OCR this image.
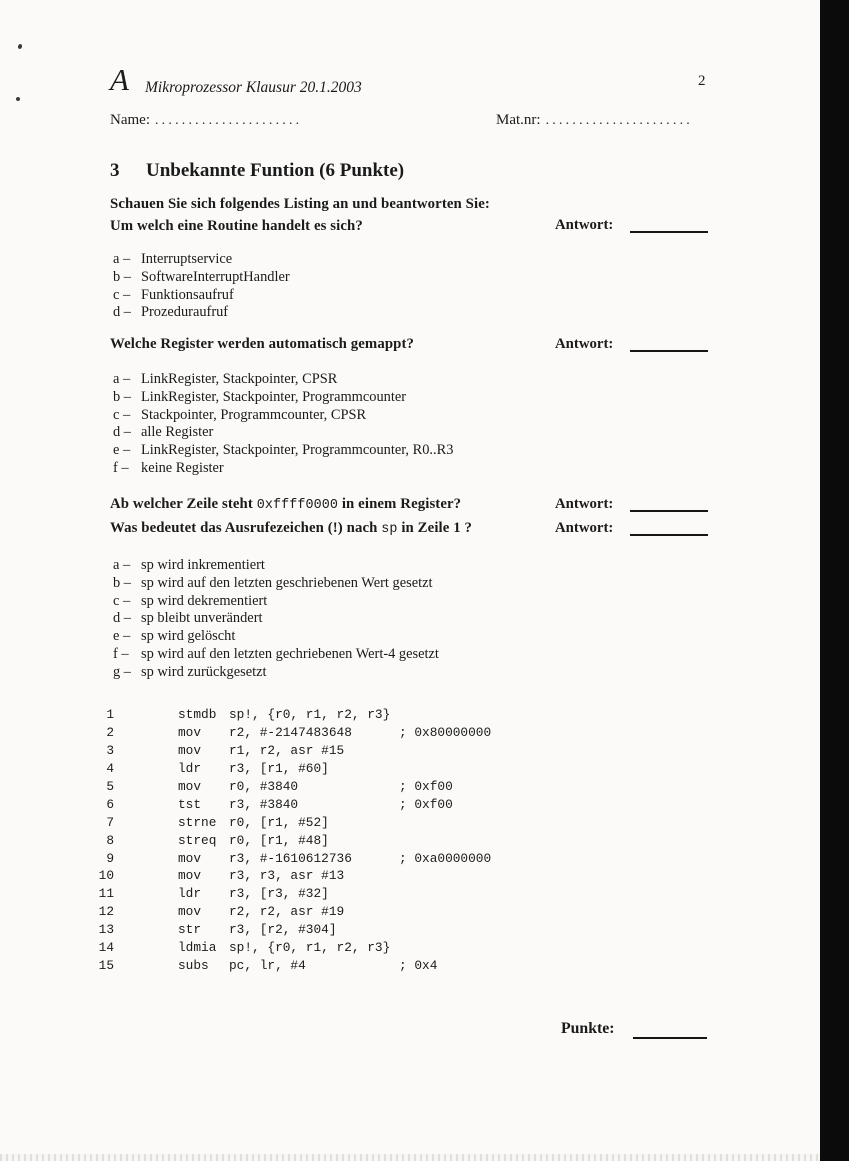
A Mikroprozessor Klausur 20.1.2003	2
Name: ......................	Mat.nr: ......................
3 Unbekannte Funtion (6 Punkte)
Schauen Sie sich folgendes Listing an und beantworten Sie:
Um welch eine Routine handelt es sich?	Antwort:
a – Interruptservice
b – SoftwareInterruptHandler
c – Funktionsaufruf
d – Prozeduraufruf
Welche Register werden automatisch gemappt?	Antwort:
a – LinkRegister, Stackpointer, CPSR
b – LinkRegister, Stackpointer, Programmcounter
c – Stackpointer, Programmcounter, CPSR
d – alle Register
e – LinkRegister, Stackpointer, Programmcounter, R0..R3
f – keine Register
Ab welcher Zeile steht 0xffff0000 in einem Register?	Antwort:
Was bedeutet das Ausrufezeichen (!) nach sp in Zeile 1 ?	Antwort:
a – sp wird inkrementiert
b – sp wird auf den letzten geschriebenen Wert gesetzt
c – sp wird dekrementiert
d – sp bleibt unverändert
e – sp wird gelöscht
f – sp wird auf den letzten gechriebenen Wert-4 gesetzt
g – sp wird zurückgesetzt
1	stmdb sp!, {r0, r1, r2, r3}
2	mov r2, #-2147483648	; 0x80000000
3	mov r1, r2, asr #15
4	ldr r3, [r1, #60]
5	mov r0, #3840	; 0xf00
6	tst r3, #3840	; 0xf00
7	strne r0, [r1, #52]
8	streq r0, [r1, #48]
9	mov r3, #-1610612736	; 0xa0000000
10	mov r3, r3, asr #13
11	ldr r3, [r3, #32]
12	mov r2, r2, asr #19
13	str r3, [r2, #304]
14	ldmia sp!, {r0, r1, r2, r3}
15	subs pc, lr, #4	; 0x4
Punkte:
